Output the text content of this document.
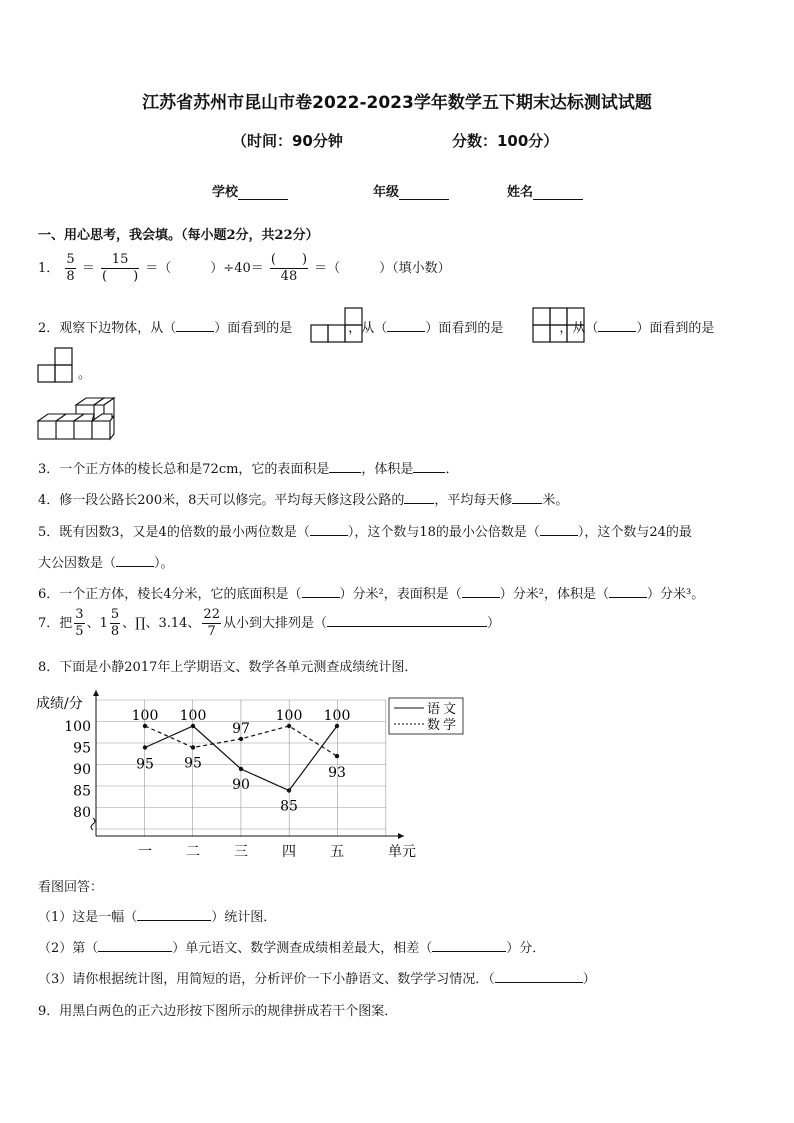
江苏省苏州市昆山市卷2022-2023学年数学五下期末达标测试试题
（时间：90分钟	分数：100分）
学校	年级	姓名
一、用心思考，我会填。（每小题2分，共22分）
1． $\frac{5}{8} = \frac{15}{( )}$ ＝（　　　）$\div 40= \frac{( )}{48}$ ＝（　　　）（填小数）
2．观察下边物体，从（	）面看到的是	，从（	）面看到的是	，从（	）面看到的是
。
3．一个正方体的棱长总和是72cm，它的表面积是 ，体积是 ．
4．修一段公路长200米，8天可以修完。平均每天修这段公路的 ，平均每天修 米。
5．既有因数3，又是4的倍数的最小两位数是（	），这个数与18的最小公倍数是（	），这个数与24的最
大公因数是（	）。
6．一个正方体，棱长4分米，它的底面积是（	）分米²，表面积是（	）分米²，体积是（	）分米³。
7．把 $\frac{3}{5}$ 、$1 \frac{5}{8}$ 、∏、3.14、 $\frac{22}{7}$ 从小到大排列是（	）
8．下面是小静2017年上学期语文、数学各单元测查成绩统计图．
成绩/分
80
85
90
95
100
一 二 三 四 五	单元
95
100
90
85
100
100
95
97
100
93
语文
数学
看图回答：
（1）这是一幅（	）统计图．
（2）第（	）单元语文、数学测查成绩相差最大，相差（	）分．
（3）请你根据统计图，用简短的语，分析评价一下小静语文、数学学习情况．（	）
9．用黑白两色的正六边形按下图所示的规律拼成若干个图案．
